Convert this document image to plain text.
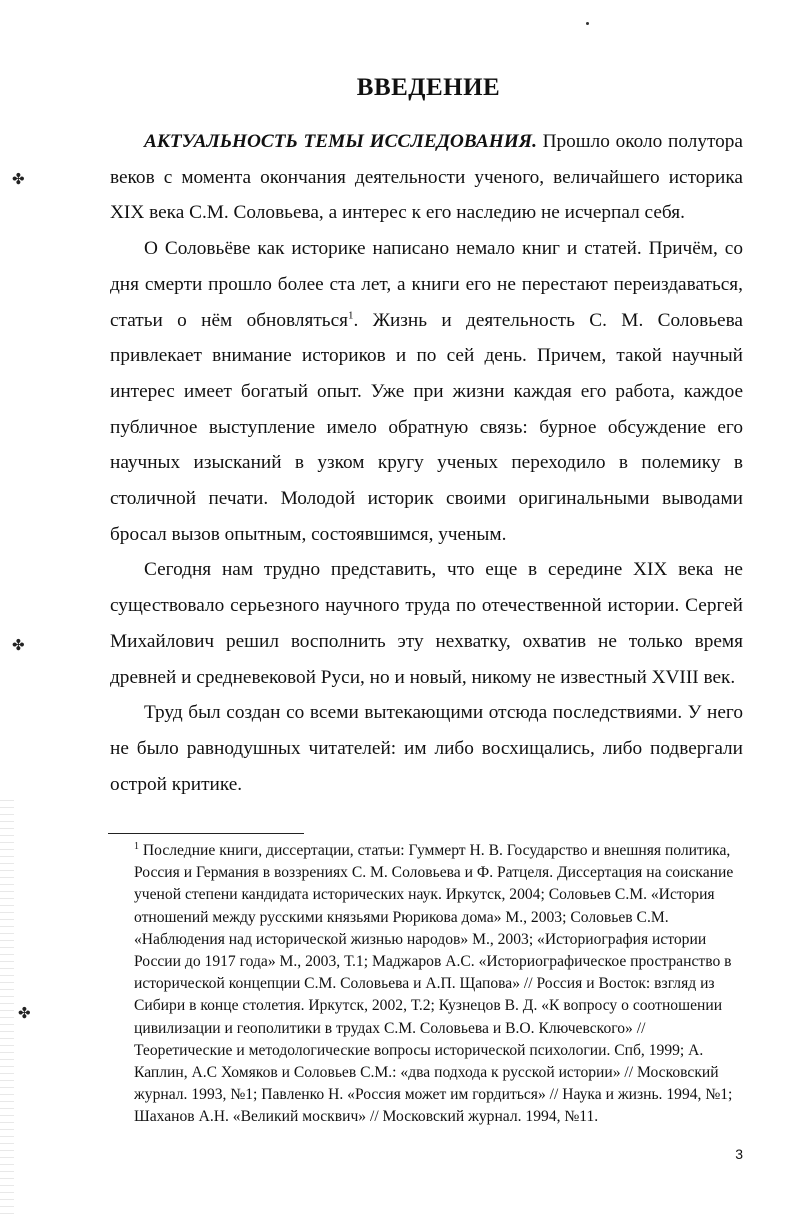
✤
✤
✤
ВВЕДЕНИЕ

АКТУАЛЬНОСТЬ ТЕМЫ ИССЛЕДОВАНИЯ. Прошло около полутора веков с момента окончания деятельности ученого, величайшего историка XIX века С.М. Соловьева, а интерес к его наследию не исчерпал себя.

О Соловьёве как историке написано немало книг и статей. Причём, со дня смерти прошло более ста лет, а книги его не перестают переиздаваться, статьи о нём обновляться$^1$. Жизнь и деятельность С. М. Соловьева привлекает внимание историков и по сей день. Причем, такой научный интерес имеет богатый опыт. Уже при жизни каждая его работа, каждое публичное выступление имело обратную связь: бурное обсуждение его научных изысканий в узком кругу ученых переходило в полемику в столичной печати. Молодой историк своими оригинальными выводами бросал вызов опытным, состоявшимся, ученым.

Сегодня нам трудно представить, что еще в середине XIX века не существовало серьезного научного труда по отечественной истории. Сергей Михайлович решил восполнить эту нехватку, охватив не только время древней и средневековой Руси, но и новый, никому не известный XVIII век.

Труд был создан со всеми вытекающими отсюда последствиями. У него не было равнодушных читателей: им либо восхищались, либо подвергали острой критике.

$^1$ Последние книги, диссертации, статьи: Гуммерт Н. В. Государство и внешняя политика, Россия и Германия в воззрениях С. М. Соловьева и Ф. Ратцеля. Диссертация на соискание ученой степени кандидата исторических наук. Иркутск, 2004; Соловьев С.М. «История отношений между русскими князьями Рюрикова дома» М., 2003; Соловьев С.М. «Наблюдения над исторической жизнью народов» М., 2003; «Историография истории России до 1917 года» М., 2003, Т.1; Маджаров А.С. «Историографическое пространство в исторической концепции С.М. Соловьева и А.П. Щапова» // Россия и Восток: взгляд из Сибири в конце столетия. Иркутск, 2002, Т.2; Кузнецов В. Д. «К вопросу о соотношении цивилизации и геополитики в трудах С.М. Соловьева и В.О. Ключевского» // Теоретические и методологические вопросы исторической психологии. Спб, 1999; А. Каплин, А.С Хомяков и Соловьев С.М.: «два подхода к русской истории» // Московский журнал. 1993, №1; Павленко Н. «Россия может им гордиться» // Наука и жизнь. 1994, №1; Шаханов А.Н. «Великий москвич» // Московский журнал. 1994, №11.
3
